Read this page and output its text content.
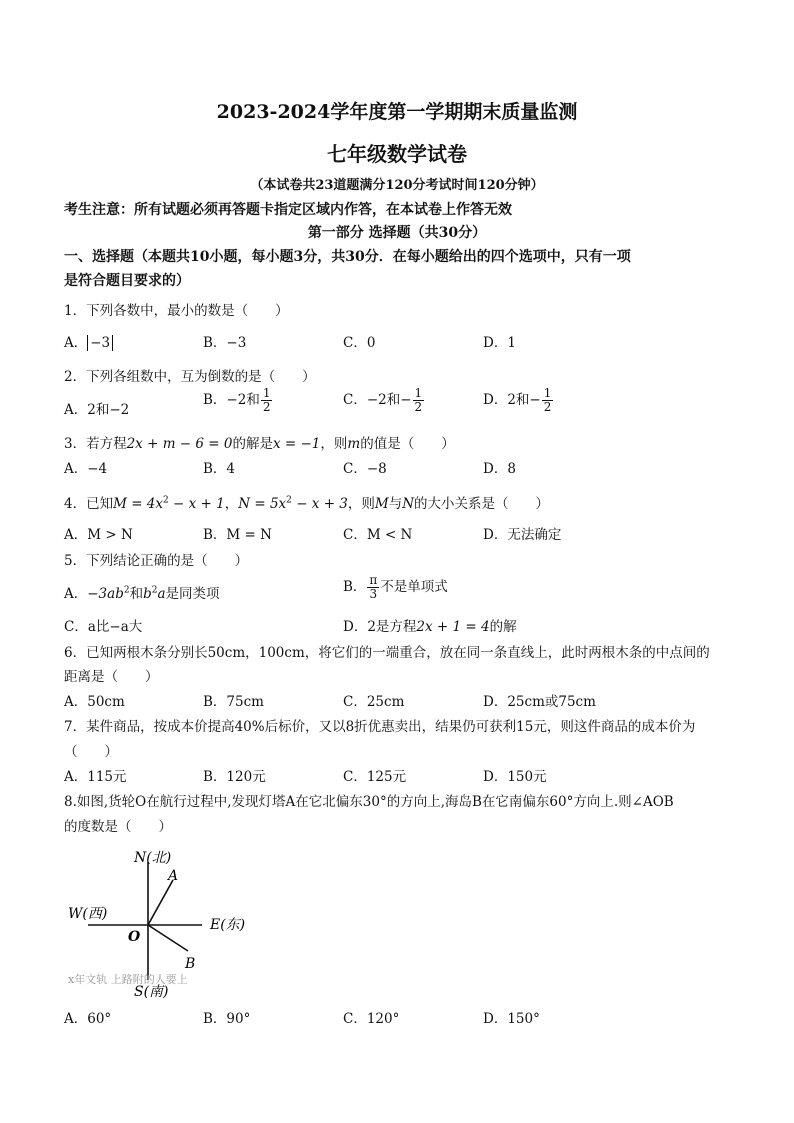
2023-2024学年度第一学期期末质量监测
七年级数学试卷
（本试卷共23道题满分120分考试时间120分钟）
考生注意：所有试题必须再答题卡指定区域内作答，在本试卷上作答无效
第一部分 选择题（共30分）
一、选择题（本题共10小题，每小题3分，共30分．在每小题给出的四个选项中，只有一项
是符合题目要求的）
1．下列各数中，最小的数是（　　）
A． −3	B．−3	C．0	D．1
2．下列各组数中，互为倒数的是（　　）
A．2和−2
B．−2和 $\frac{1}{2}$	C．−2和− $\frac{1}{2}$	D．2和− $\frac{1}{2}$
3．若方程2x + m − 6 = 0的解是x = −1，则m的值是（　　）
A．−4	B．4	C．−8	D．8
4．已知$M = 4x^2 - x + 1$，$N = 5x^2 - x + 3$，则M与N的大小关系是（　　）
A．M > N	B．M = N	C．M < N	D．无法确定
5．下列结论正确的是（　　）
A．$-3ab^2$和$b^2a$是同类项	B． $\frac{\pi}{3}$ 不是单项式
C．a比−a大	D．2是方程2x + 1 = 4的解
6．已知两根木条分别长50cm，100cm，将它们的一端重合，放在同一条直线上，此时两根木条的中点间的
距离是（　　）
A．50cm	B．75cm	C．25cm	D．25cm或75cm
7．某件商品，按成本价提高40%后标价，又以8折优惠卖出，结果仍可获利15元，则这件商品的成本价为
（　　）
A．115元	B．120元	C．125元	D．150元
8.如图,货轮O在航行过程中,发现灯塔A在它北偏东30°的方向上,海岛B在它南偏东60°方向上.则∠AOB
的度数是（　　）
N(北)
A
W(西)
E(东)
O
B
x年文轨 上路附的人要上
S(南)
A．60°	B．90°	C．120°	D．150°
